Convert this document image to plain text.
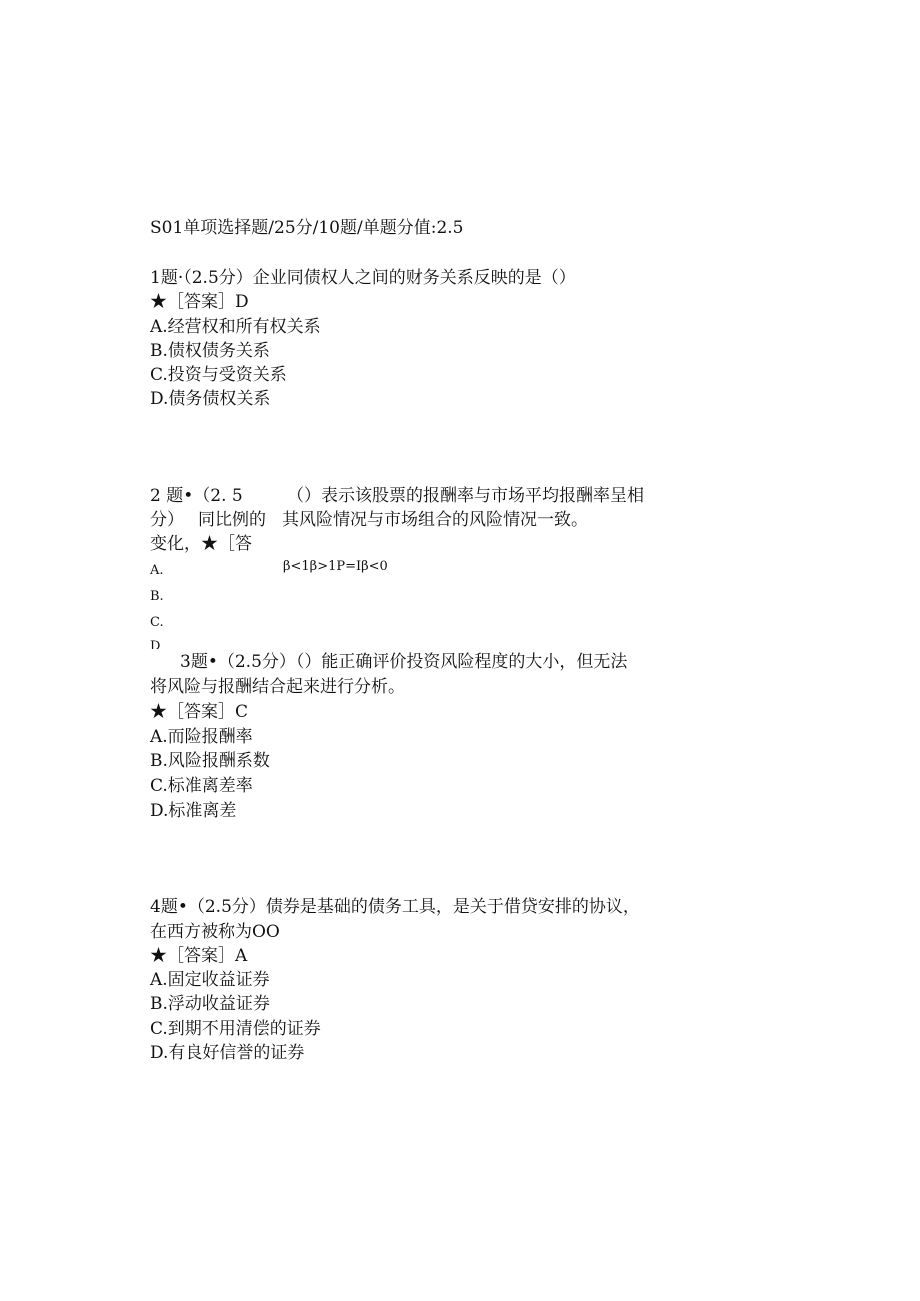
S01单项选择题/25分/10题/单题分值:2.5
1题·（2.5分）企业同债权人之间的财务关系反映的是（）
★［答案］D
A.经营权和所有权关系
B.债权债务关系
C.投资与受资关系
D.债务债权关系
2 题•（2. 5	（）表示该股票的报酬率与市场平均报酬率呈相
分） 同比例的 其风险情况与市场组合的风险情况一致。
变化，★［答
A.	β<1β>1P=Iβ<0
B.
C.
D
3题•（2.5分）（）能正确评价投资风险程度的大小，但无法
将风险与报酬结合起来进行分析。
★［答案］C
A.而险报酬率
B.风险报酬系数
C.标准离差率
D.标准离差
4题•（2.5分）债券是基础的债务工具，是关于借贷安排的协议，
在西方被称为OO
★［答案］A
A.固定收益证券
B.浮动收益证券
C.到期不用清偿的证券
D.有良好信誉的证券
